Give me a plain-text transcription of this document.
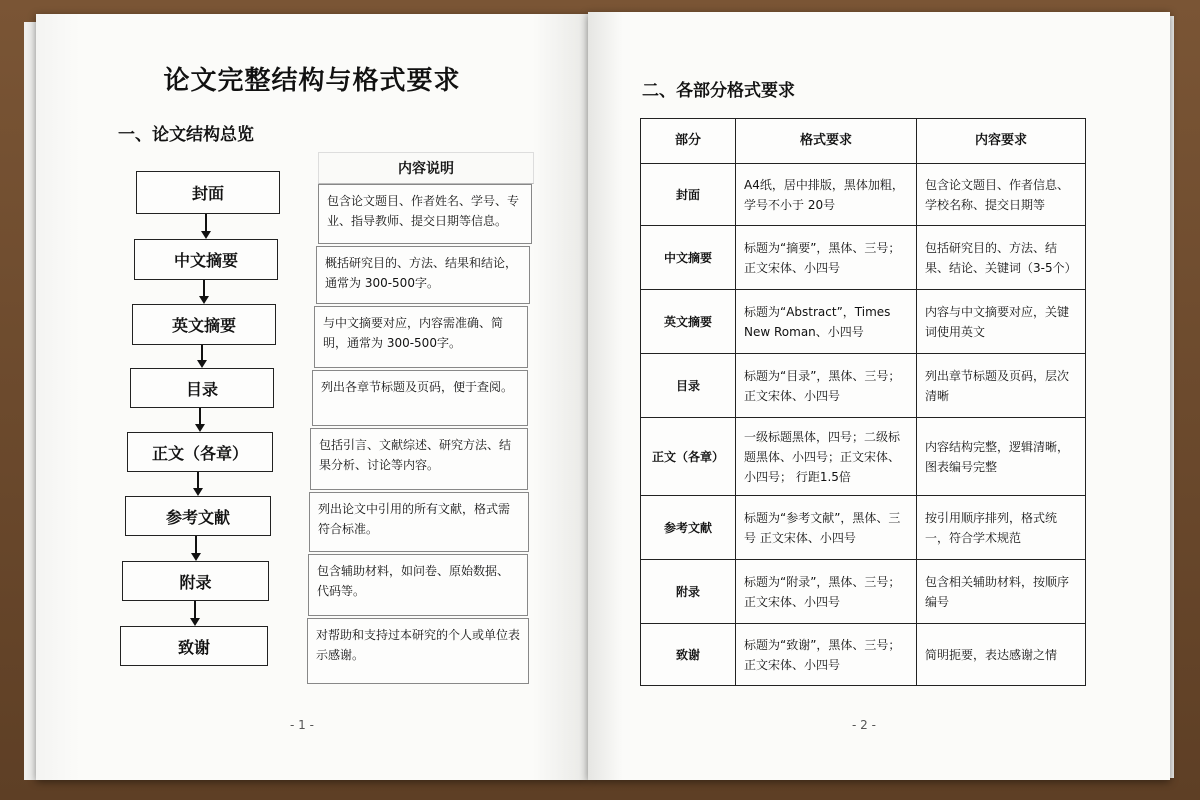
论文完整结构与格式要求
一、论文结构总览
封面
中文摘要
英文摘要
目录
正文（各章）
参考文献
附录
致谢
内容说明
包含论文题目、作者姓名、学号、专业、指导教师、提交日期等信息。
概括研究目的、方法、结果和结论，通常为 300-500字。
与中文摘要对应，内容需准确、简明，通常为 300-500字。
列出各章节标题及页码，便于查阅。
包括引言、文献综述、研究方法、结果分析、讨论等内容。
列出论文中引用的所有文献，格式需符合标准。
包含辅助材料，如问卷、原始数据、代码等。
对帮助和支持过本研究的个人或单位表示感谢。
- 1 -
二、各部分格式要求
部分	格式要求	内容要求
封面	A4纸，居中排版，黑体加粗，学号不小于 20号	包含论文题目、作者信息、学校名称、提交日期等
中文摘要	标题为“摘要”，黑体、三号；正文宋体、小四号	包括研究目的、方法、结果、结论、关键词（3-5个）
英文摘要	标题为“Abstract”，Times New Roman、小四号	内容与中文摘要对应，关键词使用英文
目录	标题为“目录”，黑体、三号；正文宋体、小四号	列出章节标题及页码，层次清晰
正文（各章）	一级标题黑体，四号；二级标题黑体、小四号；正文宋体、小四号； 行距1.5倍	内容结构完整，逻辑清晰，图表编号完整
参考文献	标题为“参考文献”，黑体、三号 正文宋体、小四号	按引用顺序排列，格式统一，符合学术规范
附录	标题为“附录”，黑体、三号；正文宋体、小四号	包含相关辅助材料，按顺序编号
致谢	标题为“致谢”，黑体、三号；正文宋体、小四号	简明扼要，表达感谢之情
- 2 -
